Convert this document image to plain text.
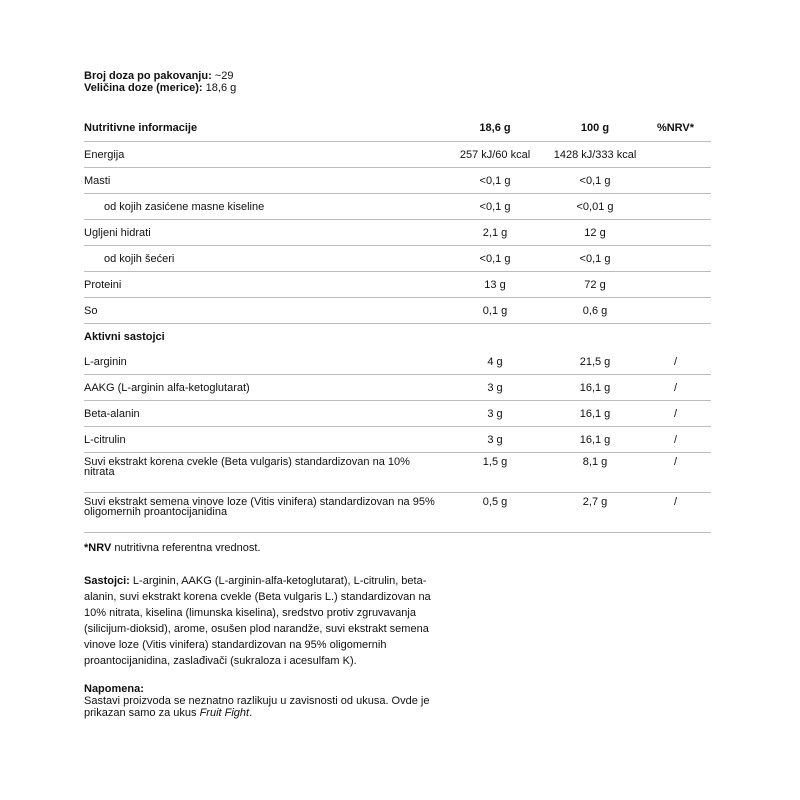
Broj doza po pakovanju: ~29
Veličina doze (merice): 18,6 g
Nutritivne informacije	18,6 g	100 g	%NRV*
Energija	257 kJ/60 kcal	1428 kJ/333 kcal	
Masti	<0,1 g	<0,1 g	
od kojih zasićene masne kiseline	<0,1 g	<0,01 g	
Ugljeni hidrati	2,1 g	12 g	
od kojih šećeri	<0,1 g	<0,1 g	
Proteini	13 g	72 g	
So	0,1 g	0,6 g	
Aktivni sastojci			
L-arginin	4 g	21,5 g	/
AAKG (L-arginin alfa-ketoglutarat)	3 g	16,1 g	/
Beta-alanin	3 g	16,1 g	/
L-citrulin	3 g	16,1 g	/
Suvi ekstrakt korena cvekle (Beta vulgaris) standardizovan na 10% nitrata	1,5 g	8,1 g	/
Suvi ekstrakt semena vinove loze (Vitis vinifera) standardizovan na 95% oligomernih proantocijanidina	0,5 g	2,7 g	/
*NRV nutritivna referentna vrednost.
Sastojci: L-arginin, AAKG (L-arginin-alfa-ketoglutarat), L-citrulin, beta-alanin, suvi ekstrakt korena cvekle (Beta vulgaris L.) standardizovan na 10% nitrata, kiselina (limunska kiselina), sredstvo protiv zgruvavanja (silicijum-dioksid), arome, osušen plod narandže, suvi ekstrakt semena vinove loze (Vitis vinifera) standardizovan na 95% oligomernih proantocijanidina, zaslađivači (sukraloza i acesulfam K).
Napomena:
Sastavi proizvoda se neznatno razlikuju u zavisnosti od ukusa. Ovde je prikazan samo za ukus Fruit Fight.
